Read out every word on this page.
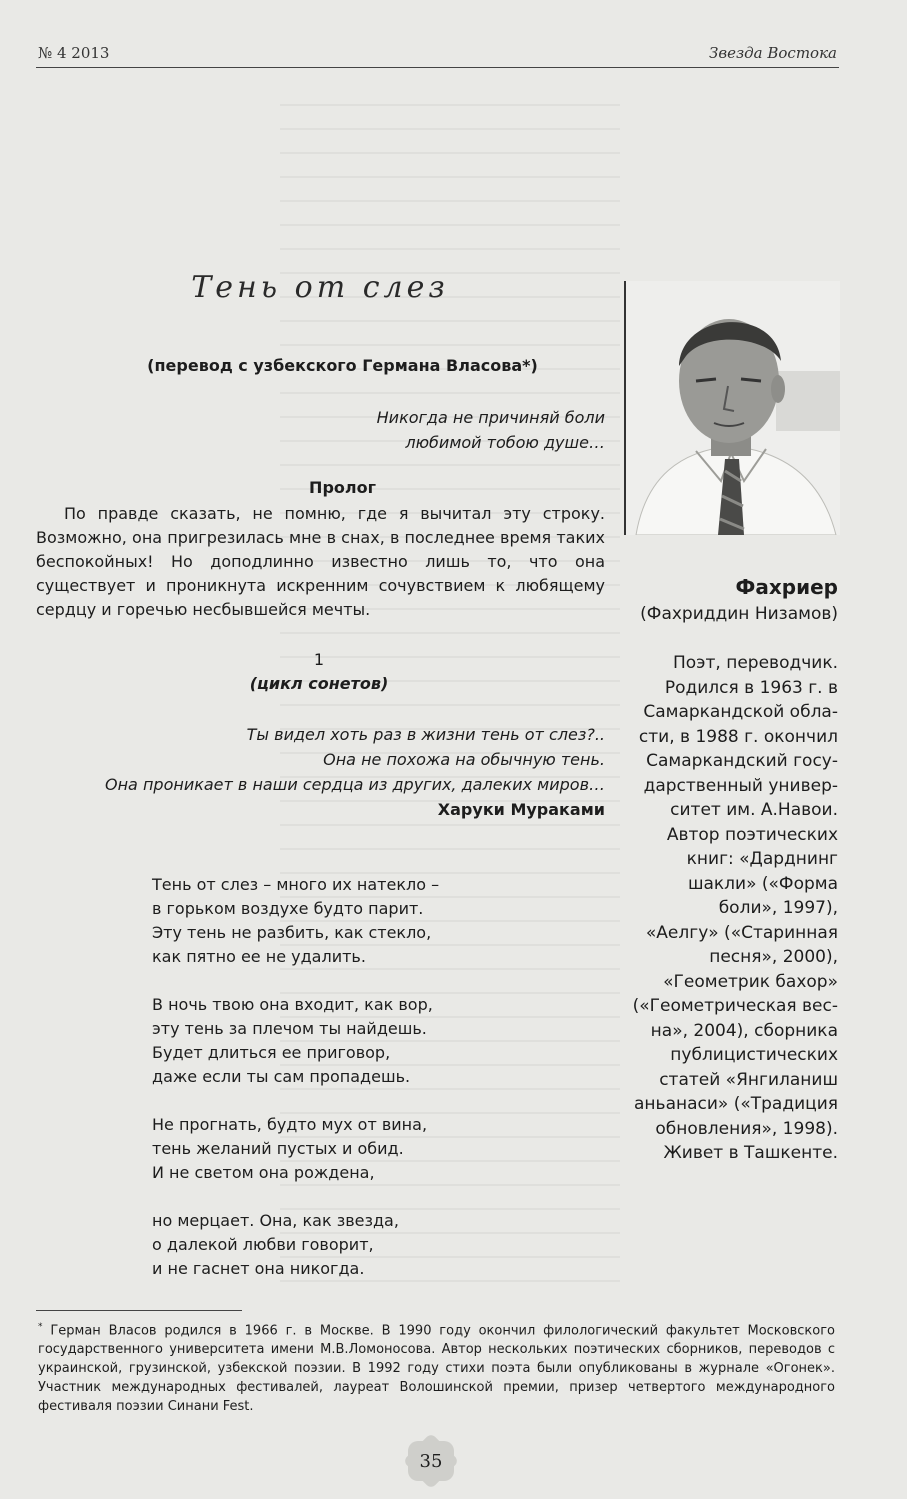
№ 4 2013	Звезда Востока
Тень от слез
(перевод с узбекского Германа Власова*)
Никогда не причиняй боли
любимой тобою душе…
Пролог
По правде сказать, не помню, где я вычитал эту строку. Возможно, она пригрезилась мне в снах, в последнее время таких беспокойных! Но доподлинно известно лишь то, что она существует и проникнута искренним сочувствием к любящему сердцу и горечью несбывшейся мечты.
1
(цикл сонетов)
Ты видел хоть раз в жизни тень от слез?..
Она не похожа на обычную тень.
Она проникает в наши сердца из других, далеких миров…
Харуки Мураками
Тень от слез – много их натекло –
в горьком воздухе будто парит.
Эту тень не разбить, как стекло,
как пятно ее не удалить.
В ночь твою она входит, как вор,
эту тень за плечом ты найдешь.
Будет длиться ее приговор,
даже если ты сам пропадешь.
Не прогнать, будто мух от вина,
тень желаний пустых и обид.
И не светом она рождена,
но мерцает. Она, как звезда,
о далекой любви говорит,
и не гаснет она никогда.
Фахриер
(Фахриддин Низамов)
Поэт, переводчик.
Родился в 1963 г. в
Самаркандской обла-
сти, в 1988 г. окончил
Самаркандский госу-
дарственный универ-
ситет им. А.Навои.
Автор поэтических
книг: «Дарднинг
шакли» («Форма
боли», 1997),
«Аелгу» («Старинная
песня», 2000),
«Геометрик бахор»
(«Геометрическая вес-
на», 2004), сборника
публицистических
статей «Янгиланиш
аньанаси» («Традиция
обновления», 1998).
Живет в Ташкенте.
* Герман Власов родился в 1966 г. в Москве. В 1990 году окончил филологический факультет Московского государственного университета имени М.В.Ломоносова. Автор нескольких поэтических сборников, переводов с украинской, грузинской, узбекской поэзии. В 1992 году стихи поэта были опубликованы в журнале «Огонек». Участник международных фестивалей, лауреат Волошинской премии, призер четвертого международного фестиваля поэзии Синани Fest.
35
